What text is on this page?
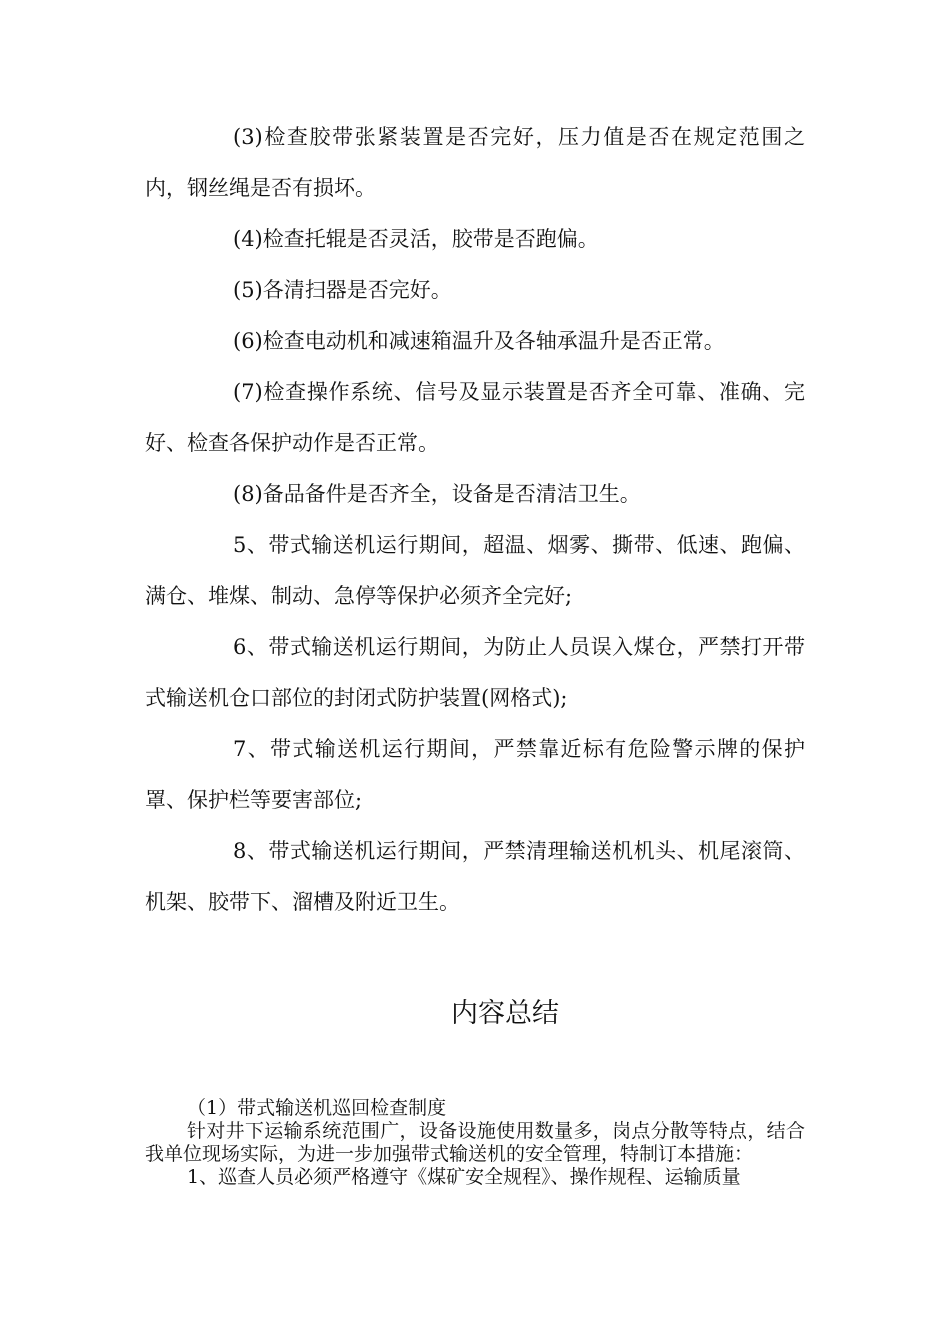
(3)检查胶带张紧装置是否完好，压力值是否在规定范围之内，钢丝绳是否有损坏。

(4)检查托辊是否灵活，胶带是否跑偏。

(5)各清扫器是否完好。

(6)检查电动机和减速箱温升及各轴承温升是否正常。

(7)检查操作系统、信号及显示装置是否齐全可靠、准确、完好、检查各保护动作是否正常。

(8)备品备件是否齐全，设备是否清洁卫生。

5、带式输送机运行期间，超温、烟雾、撕带、低速、跑偏、满仓、堆煤、制动、急停等保护必须齐全完好;

6、带式输送机运行期间，为防止人员误入煤仓，严禁打开带式输送机仓口部位的封闭式防护装置(网格式);

7、带式输送机运行期间，严禁靠近标有危险警示牌的保护罩、保护栏等要害部位;

8、带式输送机运行期间，严禁清理输送机机头、机尾滚筒、机架、胶带下、溜槽及附近卫生。

内容总结

（1）带式输送机巡回检查制度

针对井下运输系统范围广，设备设施使用数量多，岗点分散等特点，结合我单位现场实际，为进一步加强带式输送机的安全管理，特制订本措施：

1、巡查人员必须严格遵守《煤矿安全规程》、操作规程、运输质量
